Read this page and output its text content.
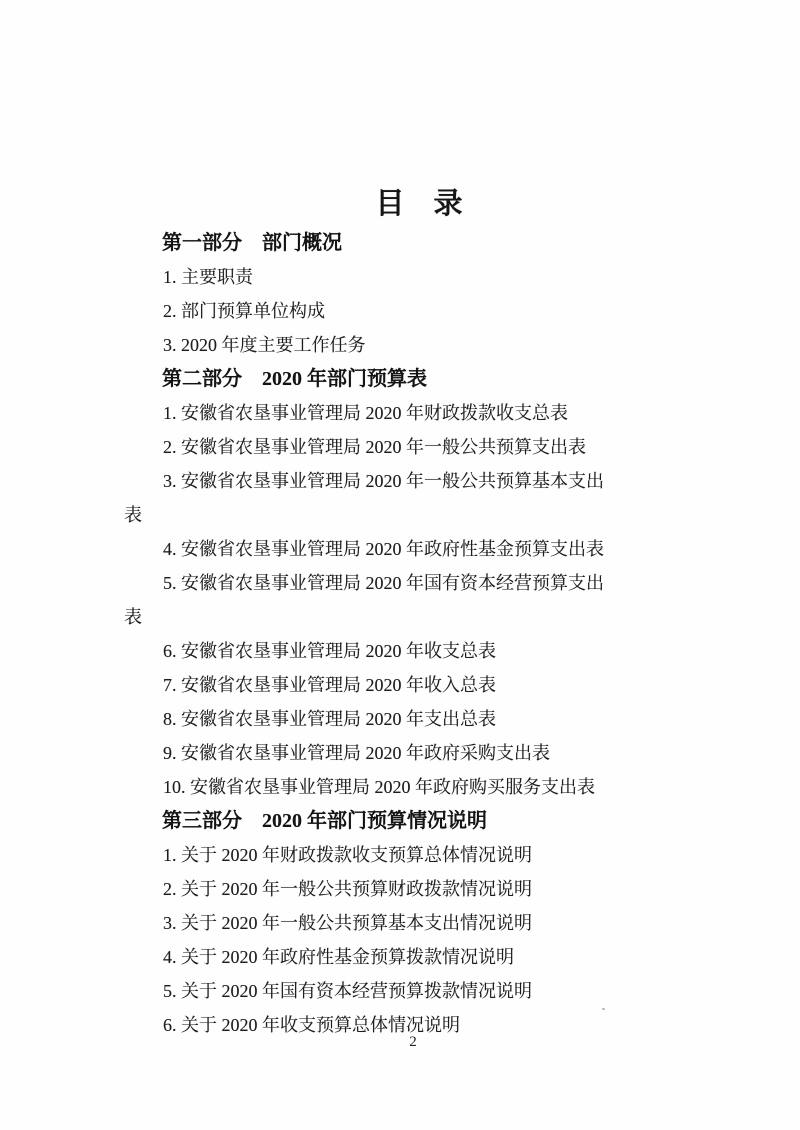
目　录
第一部分　部门概况
1. 主要职责
2. 部门预算单位构成
3. 2020 年度主要工作任务
第二部分　2020 年部门预算表
1. 安徽省农垦事业管理局 2020 年财政拨款收支总表
2. 安徽省农垦事业管理局 2020 年一般公共预算支出表
3. 安徽省农垦事业管理局 2020 年一般公共预算基本支出
表
4. 安徽省农垦事业管理局 2020 年政府性基金预算支出表
5. 安徽省农垦事业管理局 2020 年国有资本经营预算支出
表
6. 安徽省农垦事业管理局 2020 年收支总表
7. 安徽省农垦事业管理局 2020 年收入总表
8. 安徽省农垦事业管理局 2020 年支出总表
9. 安徽省农垦事业管理局 2020 年政府采购支出表
10. 安徽省农垦事业管理局 2020 年政府购买服务支出表
第三部分　2020 年部门预算情况说明
1. 关于 2020 年财政拨款收支预算总体情况说明
2. 关于 2020 年一般公共预算财政拨款情况说明
3. 关于 2020 年一般公共预算基本支出情况说明
4. 关于 2020 年政府性基金预算拨款情况说明
5. 关于 2020 年国有资本经营预算拨款情况说明
6. 关于 2020 年收支预算总体情况说明
2
